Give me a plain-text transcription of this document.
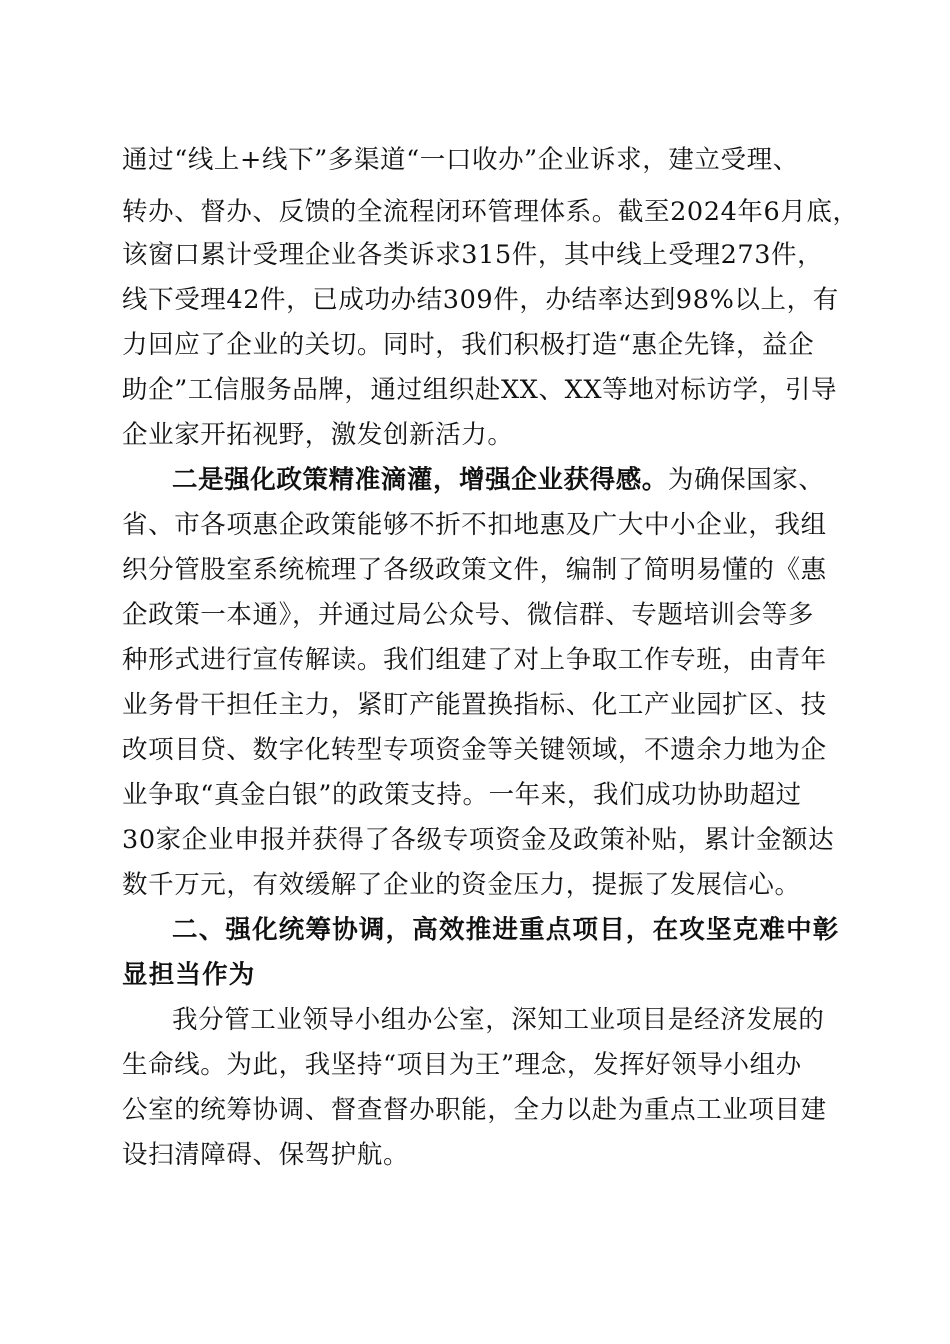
通过“线上+线下”多渠道“一口收办”企业诉求，建立受理、
转办、督办、反馈的全流程闭环管理体系。截至2024年6月底，
该窗口累计受理企业各类诉求315件，其中线上受理273件，
线下受理42件，已成功办结309件，办结率达到98%以上，有
力回应了企业的关切。同时，我们积极打造“惠企先锋，益企
助企”工信服务品牌，通过组织赴XX、XX等地对标访学，引导
企业家开拓视野，激发创新活力。
二是强化政策精准滴灌，增强企业获得感。为确保国家、
省、市各项惠企政策能够不折不扣地惠及广大中小企业，我组
织分管股室系统梳理了各级政策文件，编制了简明易懂的《惠
企政策一本通》，并通过局公众号、微信群、专题培训会等多
种形式进行宣传解读。我们组建了对上争取工作专班，由青年
业务骨干担任主力，紧盯产能置换指标、化工产业园扩区、技
改项目贷、数字化转型专项资金等关键领域，不遗余力地为企
业争取“真金白银”的政策支持。一年来，我们成功协助超过
30家企业申报并获得了各级专项资金及政策补贴，累计金额达
数千万元，有效缓解了企业的资金压力，提振了发展信心。
二、强化统筹协调，高效推进重点项目，在攻坚克难中彰
显担当作为
我分管工业领导小组办公室，深知工业项目是经济发展的
生命线。为此，我坚持“项目为王”理念，发挥好领导小组办
公室的统筹协调、督查督办职能，全力以赴为重点工业项目建
设扫清障碍、保驾护航。
